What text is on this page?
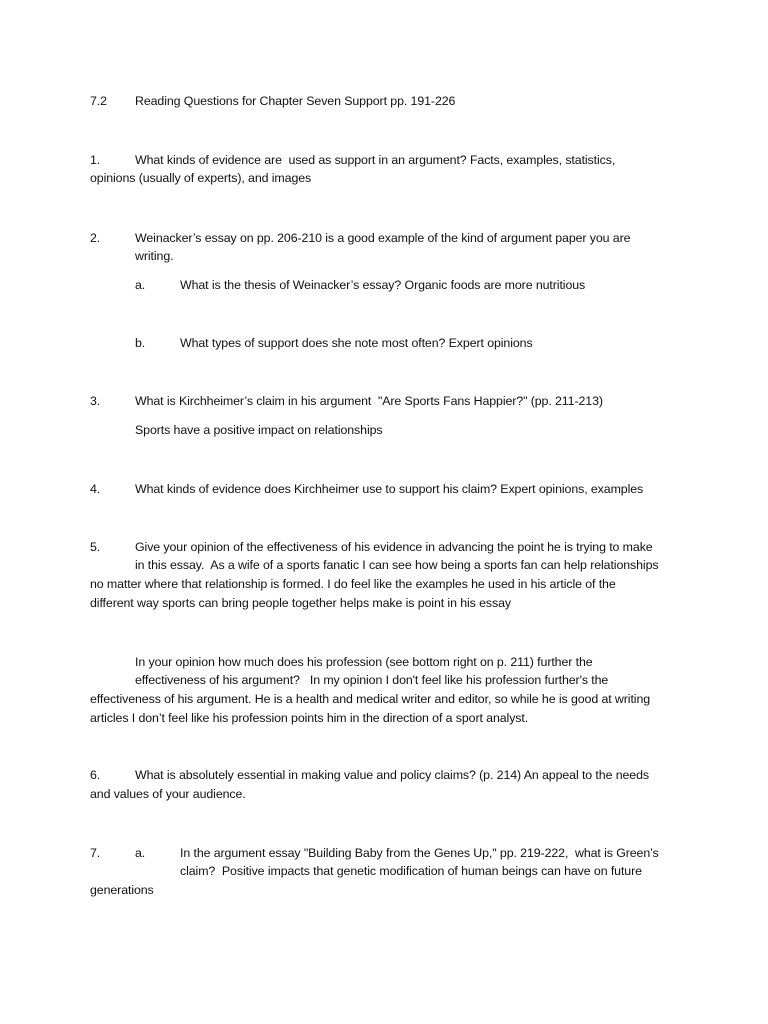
7.2 Reading Questions for Chapter Seven Support pp. 191-226
1.	What kinds of evidence are  used as support in an argument? Facts, examples, statistics,
opinions (usually of experts), and images
2.	Weinacker’s essay on pp. 206-210 is a good example of the kind of argument paper you are
writing.
a.	What is the thesis of Weinacker’s essay? Organic foods are more nutritious
b.	What types of support does she note most often? Expert opinions
3.	What is Kirchheimer’s claim in his argument  "Are Sports Fans Happier?" (pp. 211-213)
Sports have a positive impact on relationships
4.	What kinds of evidence does Kirchheimer use to support his claim? Expert opinions, examples
5.	Give your opinion of the effectiveness of his evidence in advancing the point he is trying to make
in this essay.  As a wife of a sports fanatic I can see how being a sports fan can help relationships
no matter where that relationship is formed. I do feel like the examples he used in his article of the
different way sports can bring people together helps make is point in his essay
In your opinion how much does his profession (see bottom right on p. 211) further the
effectiveness of his argument?   In my opinion I don't feel like his profession further's the
effectiveness of his argument. He is a health and medical writer and editor, so while he is good at writing
articles I don’t feel like his profession points him in the direction of a sport analyst.
6.	What is absolutely essential in making value and policy claims? (p. 214) An appeal to the needs
and values of your audience.
7.	a.	In the argument essay "Building Baby from the Genes Up," pp. 219-222,  what is Green’s
claim?  Positive impacts that genetic modification of human beings can have on future
generations
